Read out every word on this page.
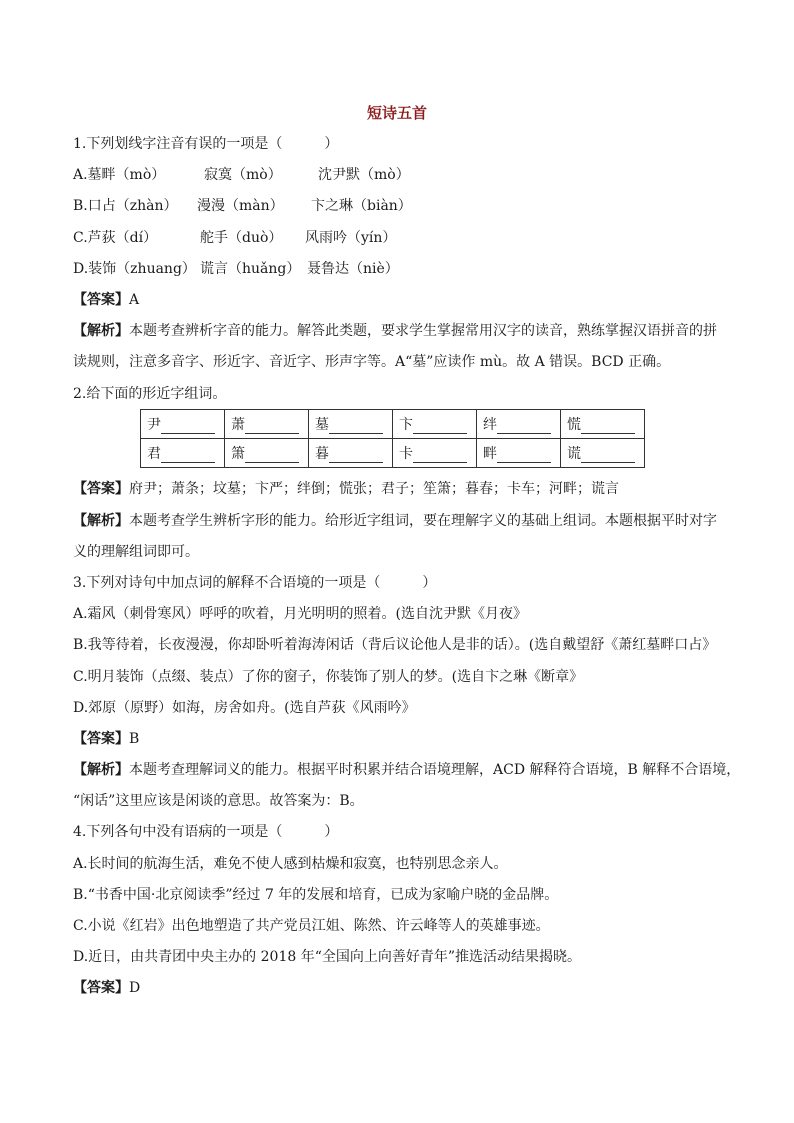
短诗五首
1.下列划线字注音有误的一项是（　　　）
A.墓畔（mò）	寂寞（mò）	沈尹默（mò）
B.口占（zhàn） 漫漫（màn） 卞之琳（biàn）
C.芦荻（dí）	舵手（duò） 风雨吟（yín）
D.装饰（zhuang） 谎言（huǎng） 聂鲁达（niè）
【答案】A
【解析】本题考查辨析字音的能力。解答此类题，要求学生掌握常用汉字的读音，熟练掌握汉语拼音的拼
读规则，注意多音字、形近字、音近字、形声字等。A“墓”应读作 mù。故 A 错误。BCD 正确。
2.给下面的形近字组词。
尹	萧	墓	卞	绊	慌
君	箫	暮	卡	畔	谎
【答案】府尹；萧条；坟墓；卞严；绊倒；慌张；君子；笙箫；暮春；卡车；河畔；谎言
【解析】本题考查学生辨析字形的能力。给形近字组词，要在理解字义的基础上组词。本题根据平时对字
义的理解组词即可。
3.下列对诗句中加点词的解释不合语境的一项是（　　　）
A.霜风（刺骨寒风）呼呼的吹着，月光明明的照着。(选自沈尹默《月夜》
B.我等待着，长夜漫漫，你却卧听着海涛闲话（背后议论他人是非的话）。(选自戴望舒《萧红墓畔口占》
C.明月装饰（点缀、装点）了你的窗子，你装饰了别人的梦。(选自卞之琳《断章》
D.郊原（原野）如海，房舍如舟。(选自芦荻《风雨吟》
【答案】B
【解析】本题考查理解词义的能力。根据平时积累并结合语境理解，ACD 解释符合语境，B 解释不合语境，
“闲话”这里应该是闲谈的意思。故答案为：B。
4.下列各句中没有语病的一项是（　　　）
A.长时间的航海生活，难免不使人感到枯燥和寂寞，也特别思念亲人。
B.“书香中国·北京阅读季”经过 7 年的发展和培育，已成为家喻户晓的金品牌。
C.小说《红岩》出色地塑造了共产党员江姐、陈然、许云峰等人的英雄事迹。
D.近日，由共青团中央主办的 2018 年“全国向上向善好青年”推选活动结果揭晓。
【答案】D
